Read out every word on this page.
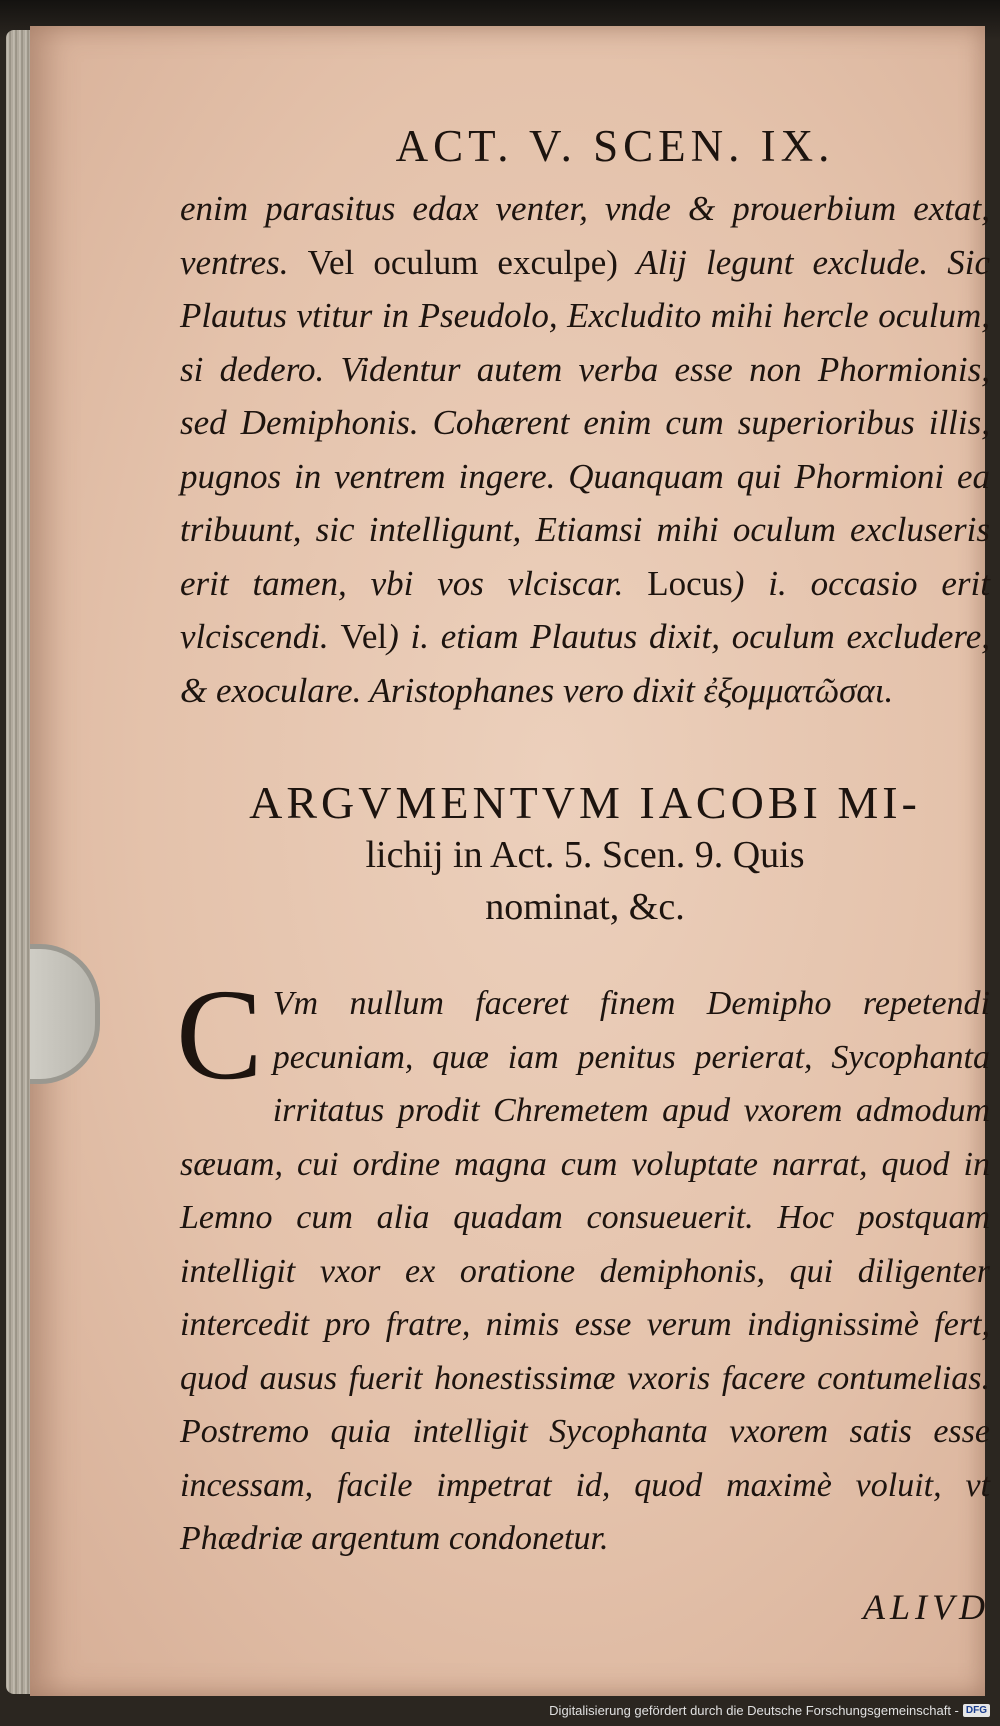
ACT. V. SCEN. IX.

enim parasitus edax venter, vnde & prouerbium extat, ventres. Vel oculum exculpe) Alij legunt exclude. Sic Plautus vtitur in Pseudolo, Excludito mihi hercle oculum, si dedero. Videntur autem verba esse non Phormionis, sed Demiphonis. Cohærent enim cum superioribus illis, pugnos in ventrem ingere. Quanquam qui Phormioni ea tribuunt, sic intelligunt, Etiamsi mihi oculum excluseris erit tamen, vbi vos vlciscar. Locus) i. occasio erit vlciscendi. Vel) i. etiam Plautus dixit, oculum excludere, & exoculare. Aristophanes vero dixit ἐξομματῶσαι.

ARGVMENTVM IACOBI MI-
lichij in Act. 5. Scen. 9. Quis
nominat, &c.

C Vm nullum faceret finem Demipho repetendi pecuniam, quæ iam penitus perierat, Sycophanta irritatus prodit Chremetem apud vxorem admodum sæuam, cui ordine magna cum voluptate narrat, quod in Lemno cum alia quadam consueuerit. Hoc postquam intelligit vxor ex oratione demiphonis, qui diligenter intercedit pro fratre, nimis esse verum indignissimè fert, quod ausus fuerit honestissimæ vxoris facere contumelias. Postremo quia intelligit Sycophanta vxorem satis esse incessam, facile impetrat id, quod maximè voluit, vt Phædriæ argentum condonetur.

ALIVD
Digitalisierung gefördert durch die Deutsche Forschungsgemeinschaft - DFG
